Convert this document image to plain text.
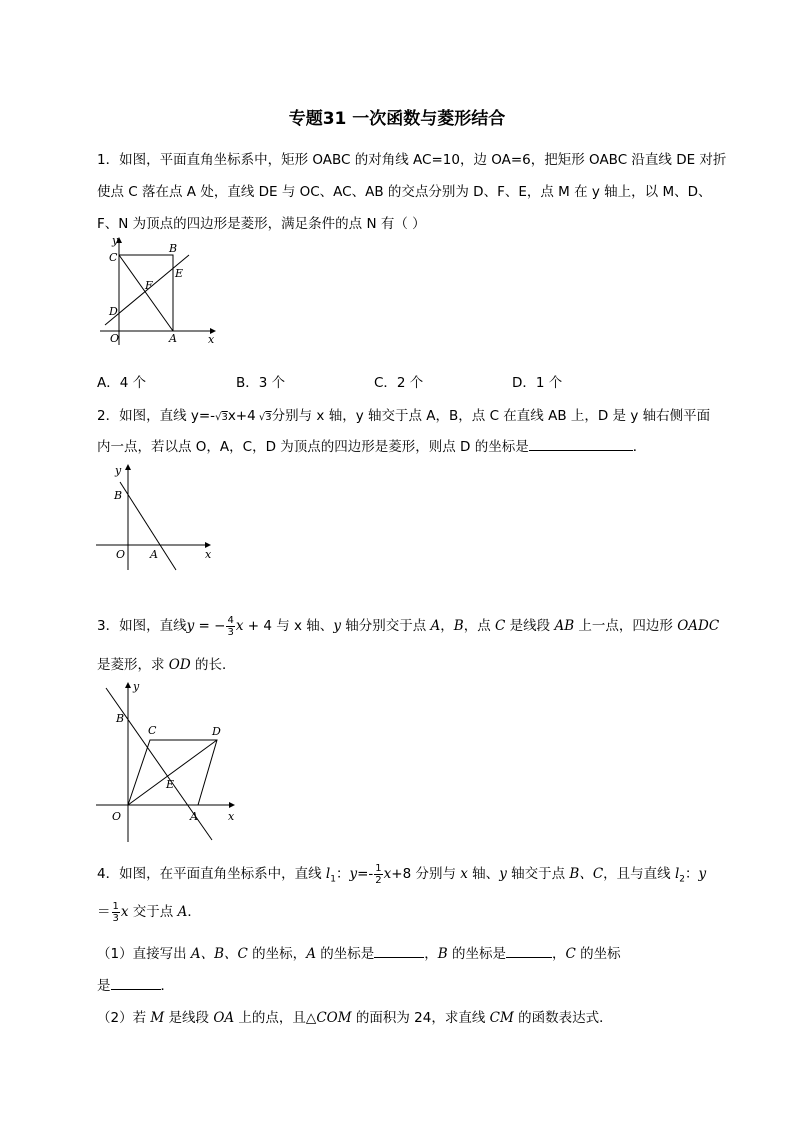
专题31 一次函数与菱形结合
1．如图，平面直角坐标系中，矩形 OABC 的对角线 AC=10，边 OA=6，把矩形 OABC 沿直线 DE 对折
使点 C 落在点 A 处，直线 DE 与 OC、AC、AB 的交点分别为 D、F、E，点 M 在 y 轴上，以 M、D、
F、N 为顶点的四边形是菱形，满足条件的点 N 有（ ）
y
x
C
B
E
F
D
O	A
A．4 个	B．3 个	C．2 个	D．1 个
2．如图，直线 y=-√3x+4 √3分别与 x 轴，y 轴交于点 A，B，点 C 在直线 AB 上，D 是 y 轴右侧平面
内一点，若以点 O，A，C，D 为顶点的四边形是菱形，则点 D 的坐标是	．
y
x
B
O A
3．如图，直线y = − $\frac{4}{3}$ x + 4 与 x 轴、y 轴分别交于点 A，B，点 C 是线段 AB 上一点，四边形 OADC
是菱形，求 OD 的长．
y
x
B
C	D
E
O	A
4．如图，在平面直角坐标系中，直线 $l_1$：$y=- \frac{1}{2} x+8$ 分别与 x 轴、y 轴交于点 B、C，且与直线 $l_2$：y
＝ $\frac{1}{3}$ x 交于点 A．
（1）直接写出 A、B、C 的坐标，A 的坐标是	，B 的坐标是	，C 的坐标
是	．
（2）若 M 是线段 OA 上的点，且△COM 的面积为 24，求直线 CM 的函数表达式．
